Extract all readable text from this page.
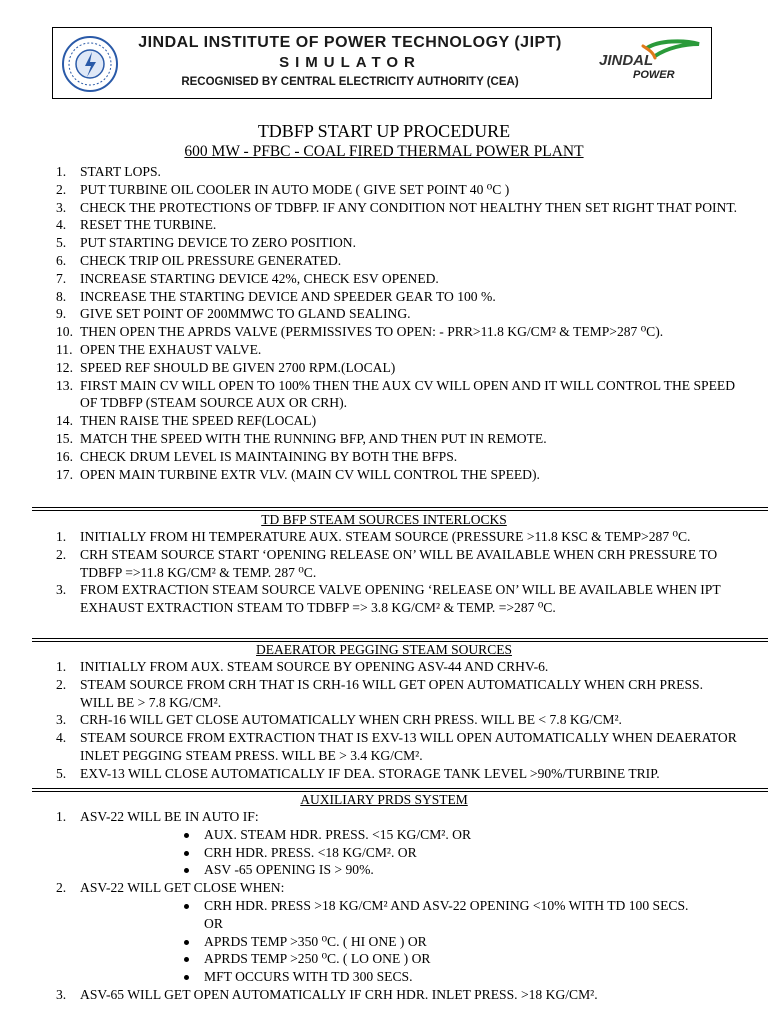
JINDAL INSTITUTE OF POWER TECHNOLOGY (JIPT)
SIMULATOR
RECOGNISED BY CENTRAL ELECTRICITY AUTHORITY (CEA)
JINDAL
POWER
TDBFP START UP PROCEDURE
600 MW - PFBC - COAL FIRED THERMAL POWER PLANT
1. START LOPS.
2. PUT TURBINE OIL COOLER IN AUTO MODE ( GIVE SET POINT 40 ⁰C )
3. CHECK THE PROTECTIONS OF TDBFP. IF ANY CONDITION NOT HEALTHY THEN SET RIGHT THAT POINT.
4. RESET THE TURBINE.
5. PUT STARTING DEVICE TO ZERO POSITION.
6. CHECK TRIP OIL PRESSURE GENERATED.
7. INCREASE STARTING DEVICE 42%, CHECK ESV OPENED.
8. INCREASE THE STARTING DEVICE AND SPEEDER GEAR TO 100 %.
9. GIVE SET POINT OF 200MMWC TO GLAND SEALING.
10. THEN OPEN THE APRDS VALVE (PERMISSIVES TO OPEN: - PRR>11.8 KG/CM² & TEMP>287 ⁰C).
11. OPEN THE EXHAUST VALVE.
12. SPEED REF SHOULD BE GIVEN 2700 RPM.(LOCAL)
13. FIRST MAIN CV WILL OPEN TO 100% THEN THE AUX CV WILL OPEN AND IT WILL CONTROL THE SPEED OF TDBFP (STEAM SOURCE AUX OR CRH).
14. THEN RAISE THE SPEED REF(LOCAL)
15. MATCH THE SPEED WITH THE RUNNING BFP, AND THEN PUT IN REMOTE.
16. CHECK DRUM LEVEL IS MAINTAINING BY BOTH THE BFPS.
17. OPEN MAIN TURBINE EXTR VLV. (MAIN CV WILL CONTROL THE SPEED).
TD BFP STEAM SOURCES INTERLOCKS
1. INITIALLY FROM HI TEMPERATURE AUX. STEAM SOURCE (PRESSURE >11.8 KSC & TEMP>287 ⁰C.
2. CRH STEAM SOURCE START ‘OPENING RELEASE ON’ WILL BE AVAILABLE WHEN CRH PRESSURE TO TDBFP =>11.8 KG/CM² & TEMP. 287 ⁰C.
3. FROM EXTRACTION STEAM SOURCE VALVE OPENING ‘RELEASE ON’ WILL BE AVAILABLE WHEN IPT EXHAUST EXTRACTION STEAM TO TDBFP => 3.8 KG/CM² & TEMP. =>287 ⁰C.
DEAERATOR PEGGING STEAM SOURCES
1. INITIALLY FROM AUX. STEAM SOURCE BY OPENING ASV-44 AND CRHV-6.
2. STEAM SOURCE FROM CRH THAT IS CRH-16 WILL GET OPEN AUTOMATICALLY WHEN CRH PRESS. WILL BE > 7.8 KG/CM².
3. CRH-16 WILL GET CLOSE AUTOMATICALLY WHEN CRH PRESS. WILL BE < 7.8 KG/CM².
4. STEAM SOURCE FROM EXTRACTION THAT IS EXV-13 WILL OPEN AUTOMATICALLY WHEN DEAERATOR INLET PEGGING STEAM PRESS. WILL BE > 3.4 KG/CM².
5. EXV-13 WILL CLOSE AUTOMATICALLY IF DEA. STORAGE TANK LEVEL >90%/TURBINE TRIP.
AUXILIARY PRDS SYSTEM
1. ASV-22 WILL BE IN AUTO IF:
AUX. STEAM HDR. PRESS. <15 KG/CM². OR
CRH HDR. PRESS. <18 KG/CM². OR
ASV -65 OPENING IS > 90%.
2. ASV-22 WILL GET CLOSE WHEN:
CRH HDR. PRESS >18 KG/CM² AND ASV-22 OPENING <10% WITH TD 100 SECS. OR
APRDS TEMP >350 ⁰C. ( HI ONE ) OR
APRDS TEMP >250 ⁰C. ( LO ONE ) OR
MFT OCCURS WITH TD 300 SECS.
3. ASV-65 WILL GET OPEN AUTOMATICALLY IF CRH HDR. INLET PRESS. >18 KG/CM².
